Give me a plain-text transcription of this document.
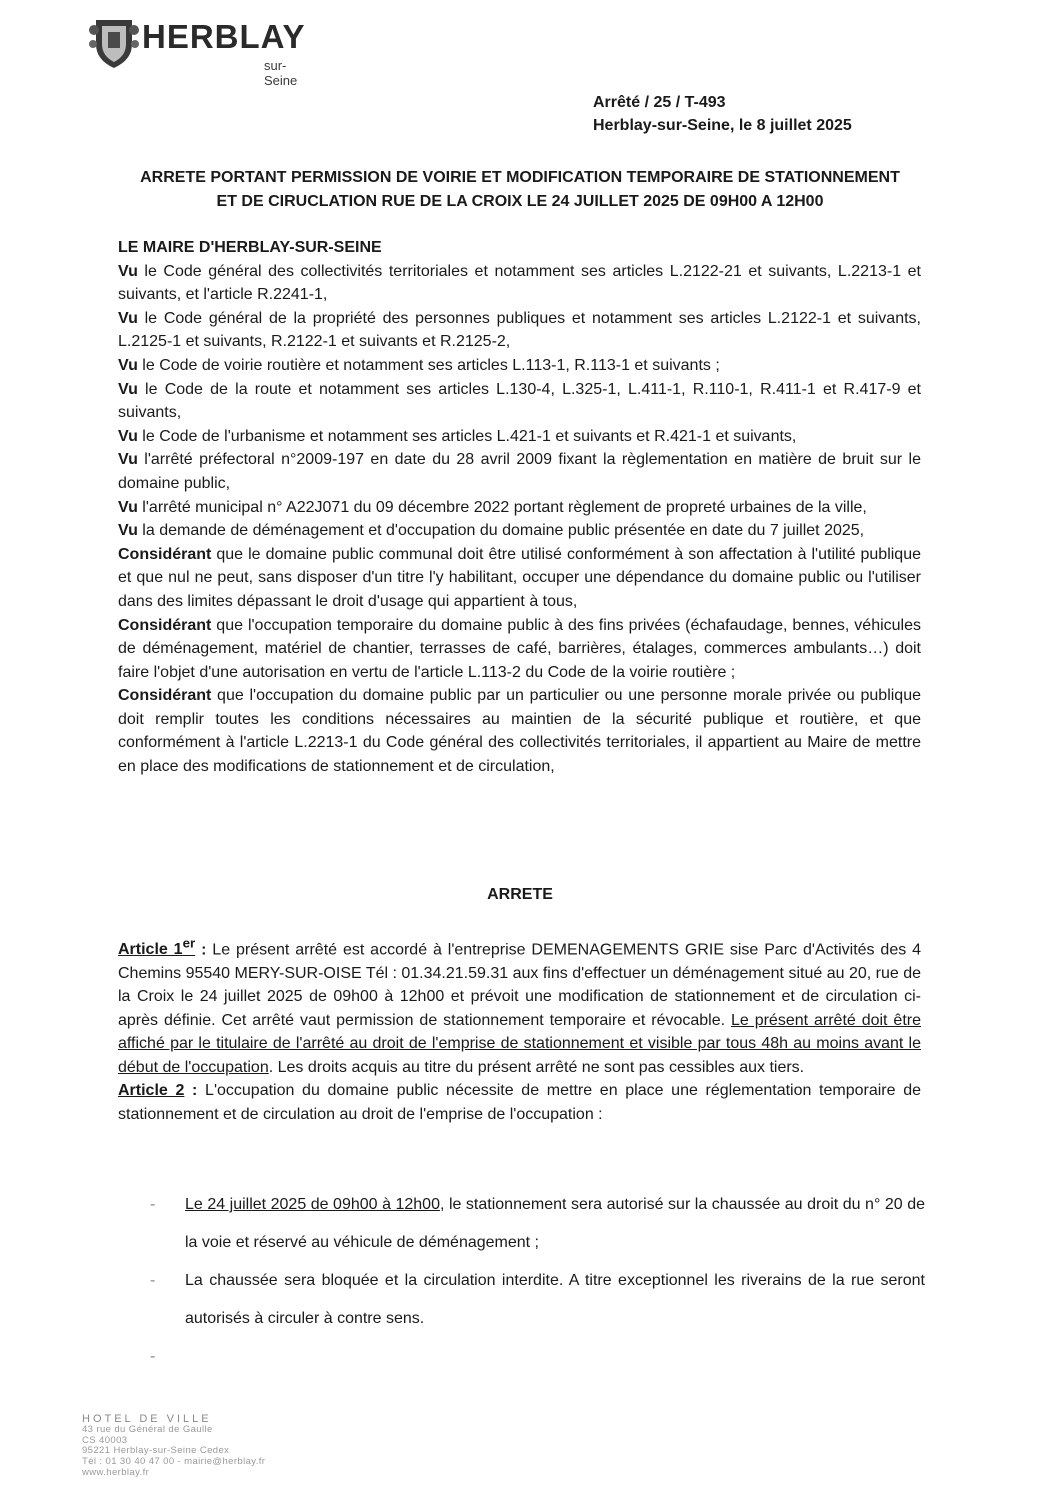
HERBLAY
sur-Seine
Arrêté / 25 / T-493
Herblay-sur-Seine, le 8 juillet 2025
ARRETE PORTANT PERMISSION DE VOIRIE ET MODIFICATION TEMPORAIRE DE STATIONNEMENT
ET DE CIRUCLATION RUE DE LA CROIX LE 24 JUILLET 2025 DE 09H00 A 12H00

LE MAIRE D'HERBLAY-SUR-SEINE

Vu le Code général des collectivités territoriales et notamment ses articles L.2122-21 et suivants, L.2213-1 et suivants, et l'article R.2241-1,

Vu le Code général de la propriété des personnes publiques et notamment ses articles L.2122-1 et suivants, L.2125-1 et suivants, R.2122-1 et suivants et R.2125-2,

Vu le Code de voirie routière et notamment ses articles L.113-1, R.113-1 et suivants ;

Vu le Code de la route et notamment ses articles L.130-4, L.325-1, L.411-1, R.110-1, R.411-1 et R.417-9 et suivants,

Vu le Code de l'urbanisme et notamment ses articles L.421-1 et suivants et R.421-1 et suivants,

Vu l'arrêté préfectoral n°2009-197 en date du 28 avril 2009 fixant la règlementation en matière de bruit sur le domaine public,

Vu l'arrêté municipal n° A22J071 du 09 décembre 2022 portant règlement de propreté urbaines de la ville,

Vu la demande de déménagement et d'occupation du domaine public présentée en date du 7 juillet 2025,

Considérant que le domaine public communal doit être utilisé conformément à son affectation à l'utilité publique et que nul ne peut, sans disposer d'un titre l'y habilitant, occuper une dépendance du domaine public ou l'utiliser dans des limites dépassant le droit d'usage qui appartient à tous,

Considérant que l'occupation temporaire du domaine public à des fins privées (échafaudage, bennes, véhicules de déménagement, matériel de chantier, terrasses de café, barrières, étalages, commerces ambulants…) doit faire l'objet d'une autorisation en vertu de l'article L.113-2 du Code de la voirie routière ;

Considérant que l'occupation du domaine public par un particulier ou une personne morale privée ou publique doit remplir toutes les conditions nécessaires au maintien de la sécurité publique et routière, et que conformément à l'article L.2213-1 du Code général des collectivités territoriales, il appartient au Maire de mettre en place des modifications de stationnement et de circulation,

ARRETE

Article 1er : Le présent arrêté est accordé à l'entreprise DEMENAGEMENTS GRIE sise Parc d'Activités des 4 Chemins 95540 MERY-SUR-OISE Tél : 01.34.21.59.31 aux fins d'effectuer un déménagement situé au 20, rue de la Croix le 24 juillet 2025 de 09h00 à 12h00 et prévoit une modification de stationnement et de circulation ci-après définie. Cet arrêté vaut permission de stationnement temporaire et révocable. Le présent arrêté doit être affiché par le titulaire de l'arrêté au droit de l'emprise de stationnement et visible par tous 48h au moins avant le début de l'occupation. Les droits acquis au titre du présent arrêté ne sont pas cessibles aux tiers.

Article 2 : L'occupation du domaine public nécessite de mettre en place une réglementation temporaire de stationnement et de circulation au droit de l'emprise de l'occupation :

- Le 24 juillet 2025 de 09h00 à 12h00, le stationnement sera autorisé sur la chaussée au droit du n° 20 de la voie et réservé au véhicule de déménagement ;

- La chaussée sera bloquée et la circulation interdite. A titre exceptionnel les riverains de la rue seront autorisés à circuler à contre sens.

-

HOTEL DE VILLE
43 rue du Général de Gaulle
CS 40003
95221 Herblay-sur-Seine Cedex
Tél : 01 30 40 47 00 - mairie@herblay.fr
www.herblay.fr
